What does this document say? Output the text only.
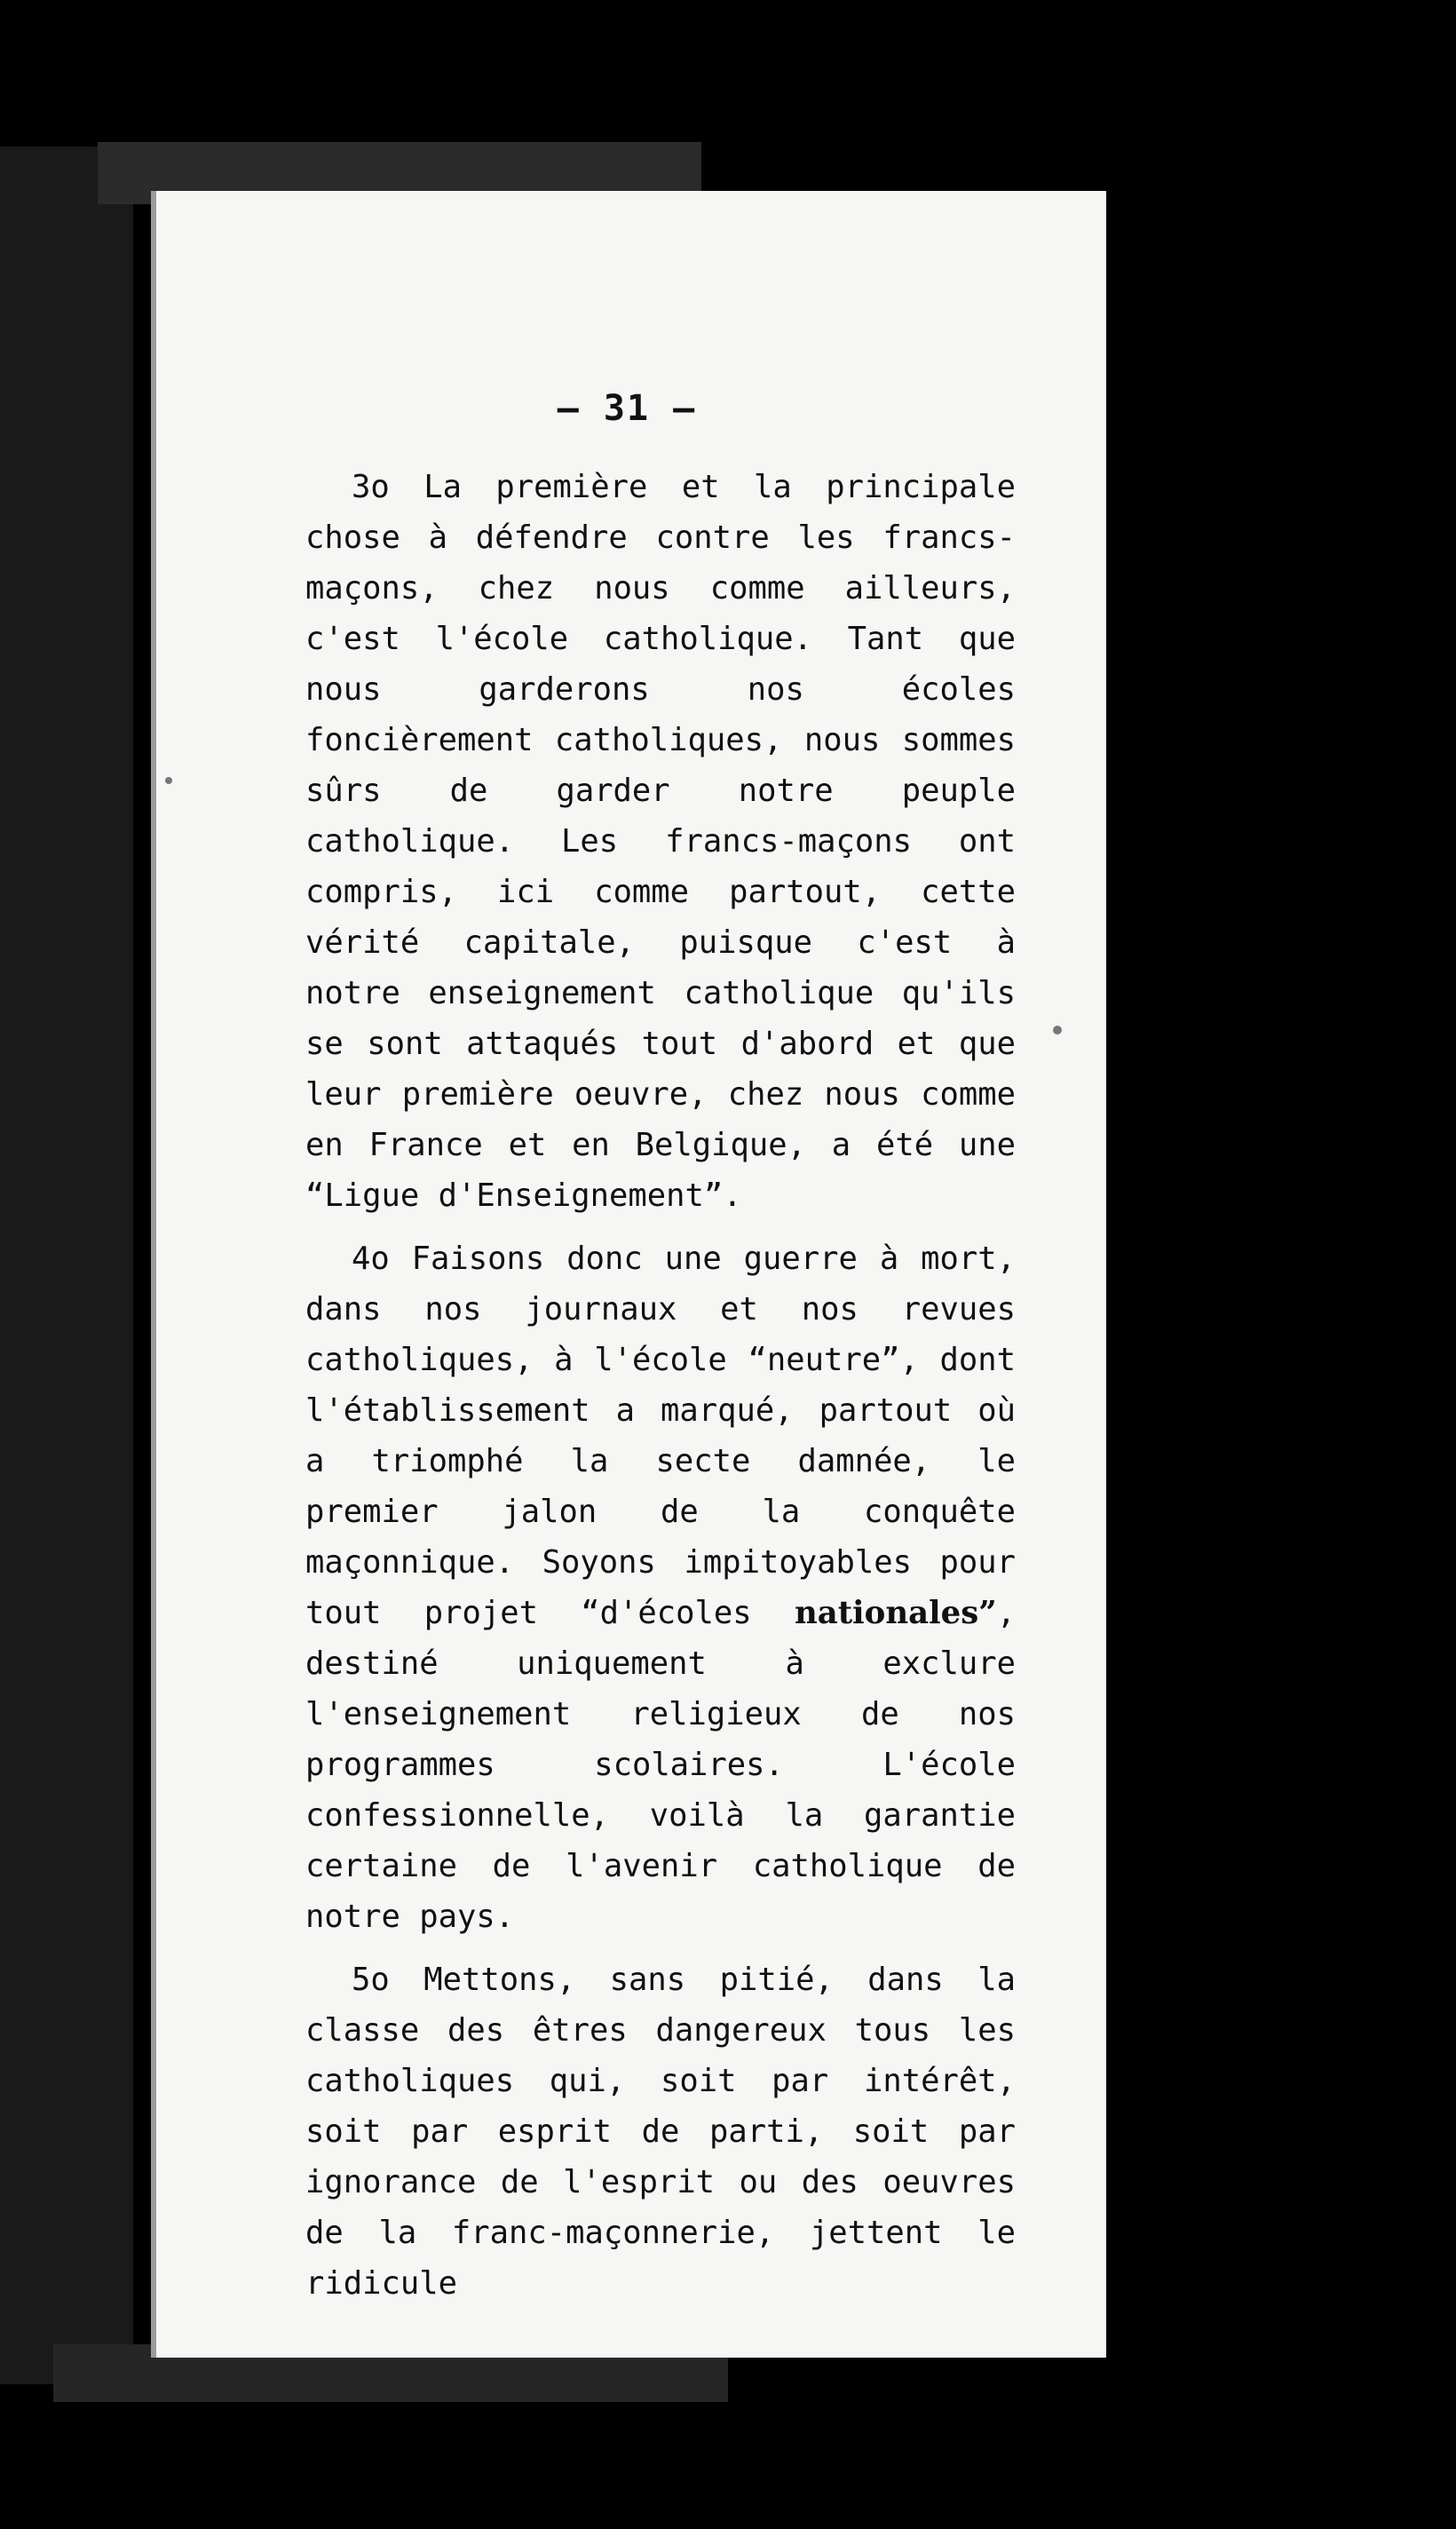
— 31 —

3o La première et la principale chose à défendre contre les francs-maçons, chez nous comme ailleurs, c'est l'école catholique. Tant que nous garderons nos écoles foncièrement catholiques, nous sommes sûrs de garder notre peuple catholique. Les francs-maçons ont compris, ici comme partout, cette vérité capitale, puisque c'est à notre enseignement catholique qu'ils se sont attaqués tout d'abord et que leur première oeuvre, chez nous comme en France et en Belgique, a été une “Ligue d'Enseignement”.

4o Faisons donc une guerre à mort, dans nos journaux et nos revues catholiques, à l'école “neutre”, dont l'établissement a marqué, partout où a triomphé la secte damnée, le premier jalon de la conquête maçonnique. Soyons impitoyables pour tout projet “d'écoles nationales”, destiné uniquement à exclure l'enseignement religieux de nos programmes scolaires. L'école confessionnelle, voilà la garantie certaine de l'avenir catholique de notre pays.

5o Mettons, sans pitié, dans la classe des êtres dangereux tous les catholiques qui, soit par intérêt, soit par esprit de parti, soit par ignorance de l'esprit ou des oeuvres de la franc-maçonnerie, jettent le ridicule
